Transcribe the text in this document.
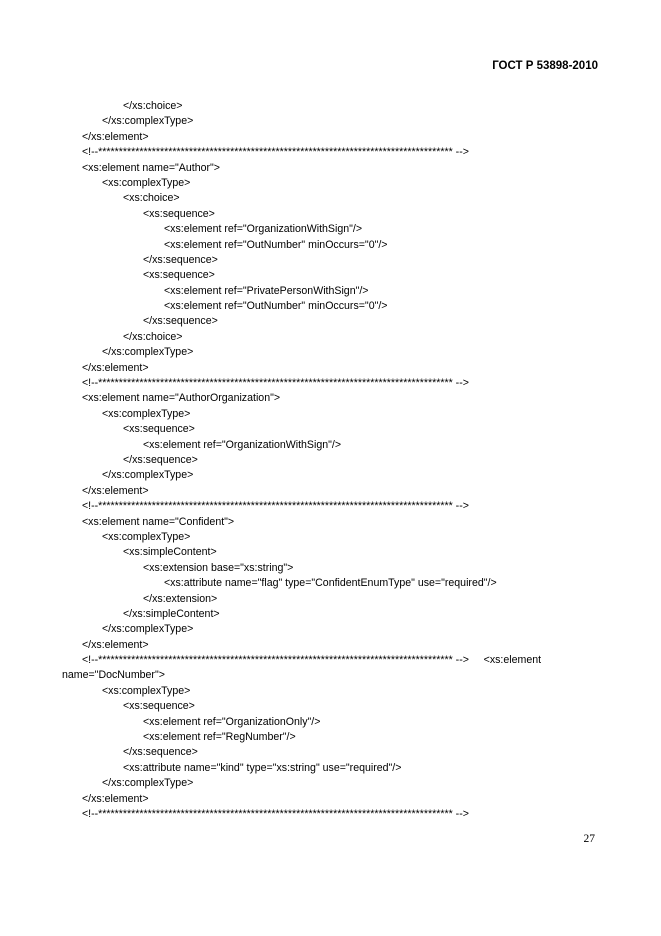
ГОСТ Р 53898-2010
</xs:choice>
</xs:complexType>
</xs:element>
<!--************************************************************************************** -->
<xs:element name="Author">
<xs:complexType>
<xs:choice>
<xs:sequence>
<xs:element ref="OrganizationWithSign"/>
<xs:element ref="OutNumber" minOccurs="0"/>
</xs:sequence>
<xs:sequence>
<xs:element ref="PrivatePersonWithSign"/>
<xs:element ref="OutNumber" minOccurs="0"/>
</xs:sequence>
</xs:choice>
</xs:complexType>
</xs:element>
<!--************************************************************************************** -->
<xs:element name="AuthorOrganization">
<xs:complexType>
<xs:sequence>
<xs:element ref="OrganizationWithSign"/>
</xs:sequence>
</xs:complexType>
</xs:element>
<!--************************************************************************************** -->
<xs:element name="Confident">
<xs:complexType>
<xs:simpleContent>
<xs:extension base="xs:string">
<xs:attribute name="flag" type="ConfidentEnumType" use="required"/>
</xs:extension>
</xs:simpleContent>
</xs:complexType>
</xs:element>
<!--************************************************************************************** -->     <xs:element
name="DocNumber">
<xs:complexType>
<xs:sequence>
<xs:element ref="OrganizationOnly"/>
<xs:element ref="RegNumber"/>
</xs:sequence>
<xs:attribute name="kind" type="xs:string" use="required"/>
</xs:complexType>
</xs:element>
<!--************************************************************************************** -->
27
